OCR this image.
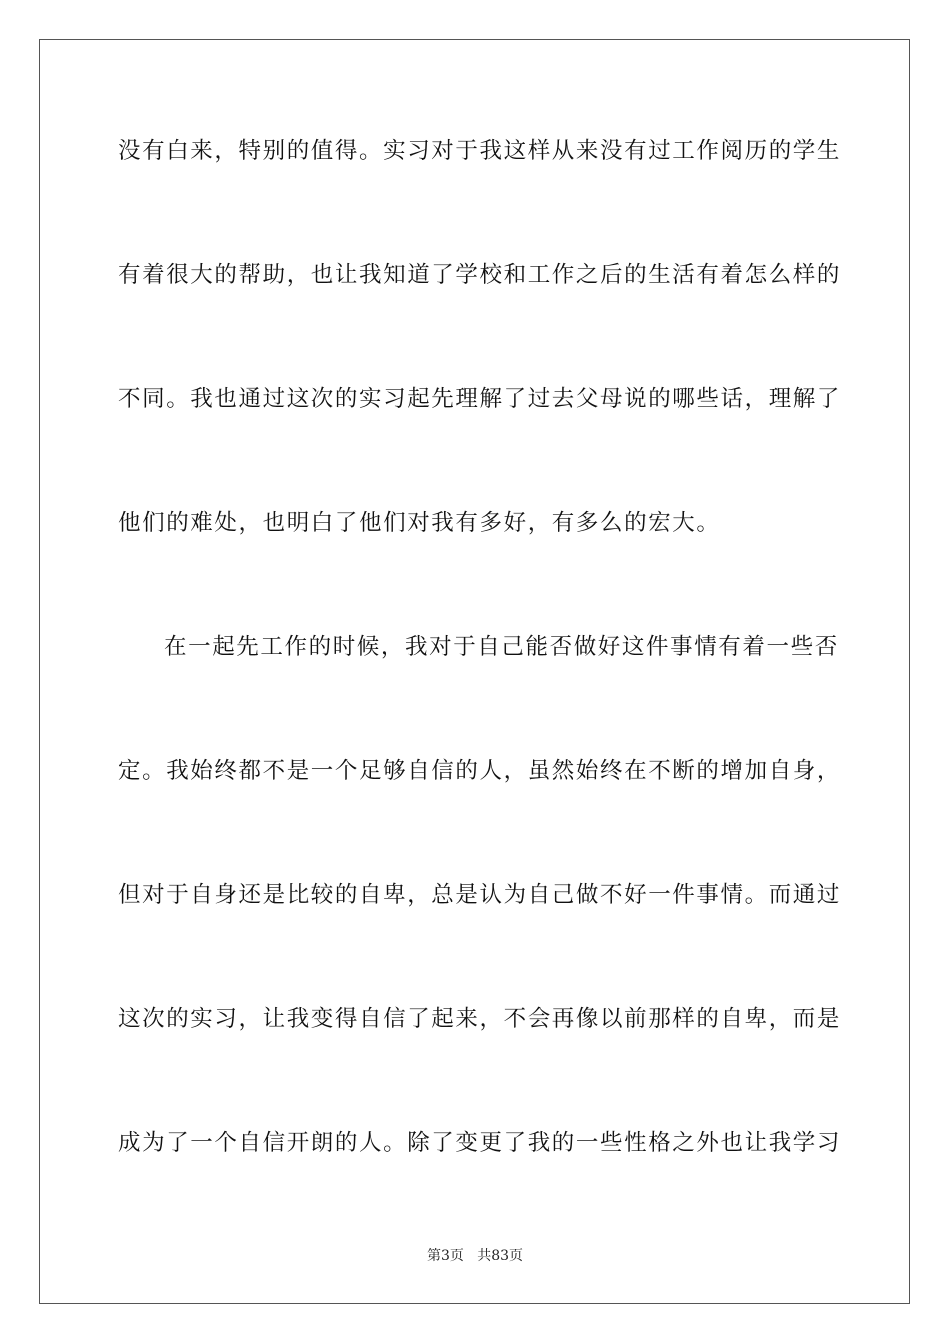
没有白来，特别的值得。实习对于我这样从来没有过工作阅历的学生
有着很大的帮助，也让我知道了学校和工作之后的生活有着怎么样的
不同。我也通过这次的实习起先理解了过去父母说的哪些话，理解了
他们的难处，也明白了他们对我有多好，有多么的宏大。
在一起先工作的时候，我对于自己能否做好这件事情有着一些否
定。我始终都不是一个足够自信的人，虽然始终在不断的增加自身，
但对于自身还是比较的自卑，总是认为自己做不好一件事情。而通过
这次的实习，让我变得自信了起来，不会再像以前那样的自卑，而是
成为了一个自信开朗的人。除了变更了我的一些性格之外也让我学习
第3页   共83页
